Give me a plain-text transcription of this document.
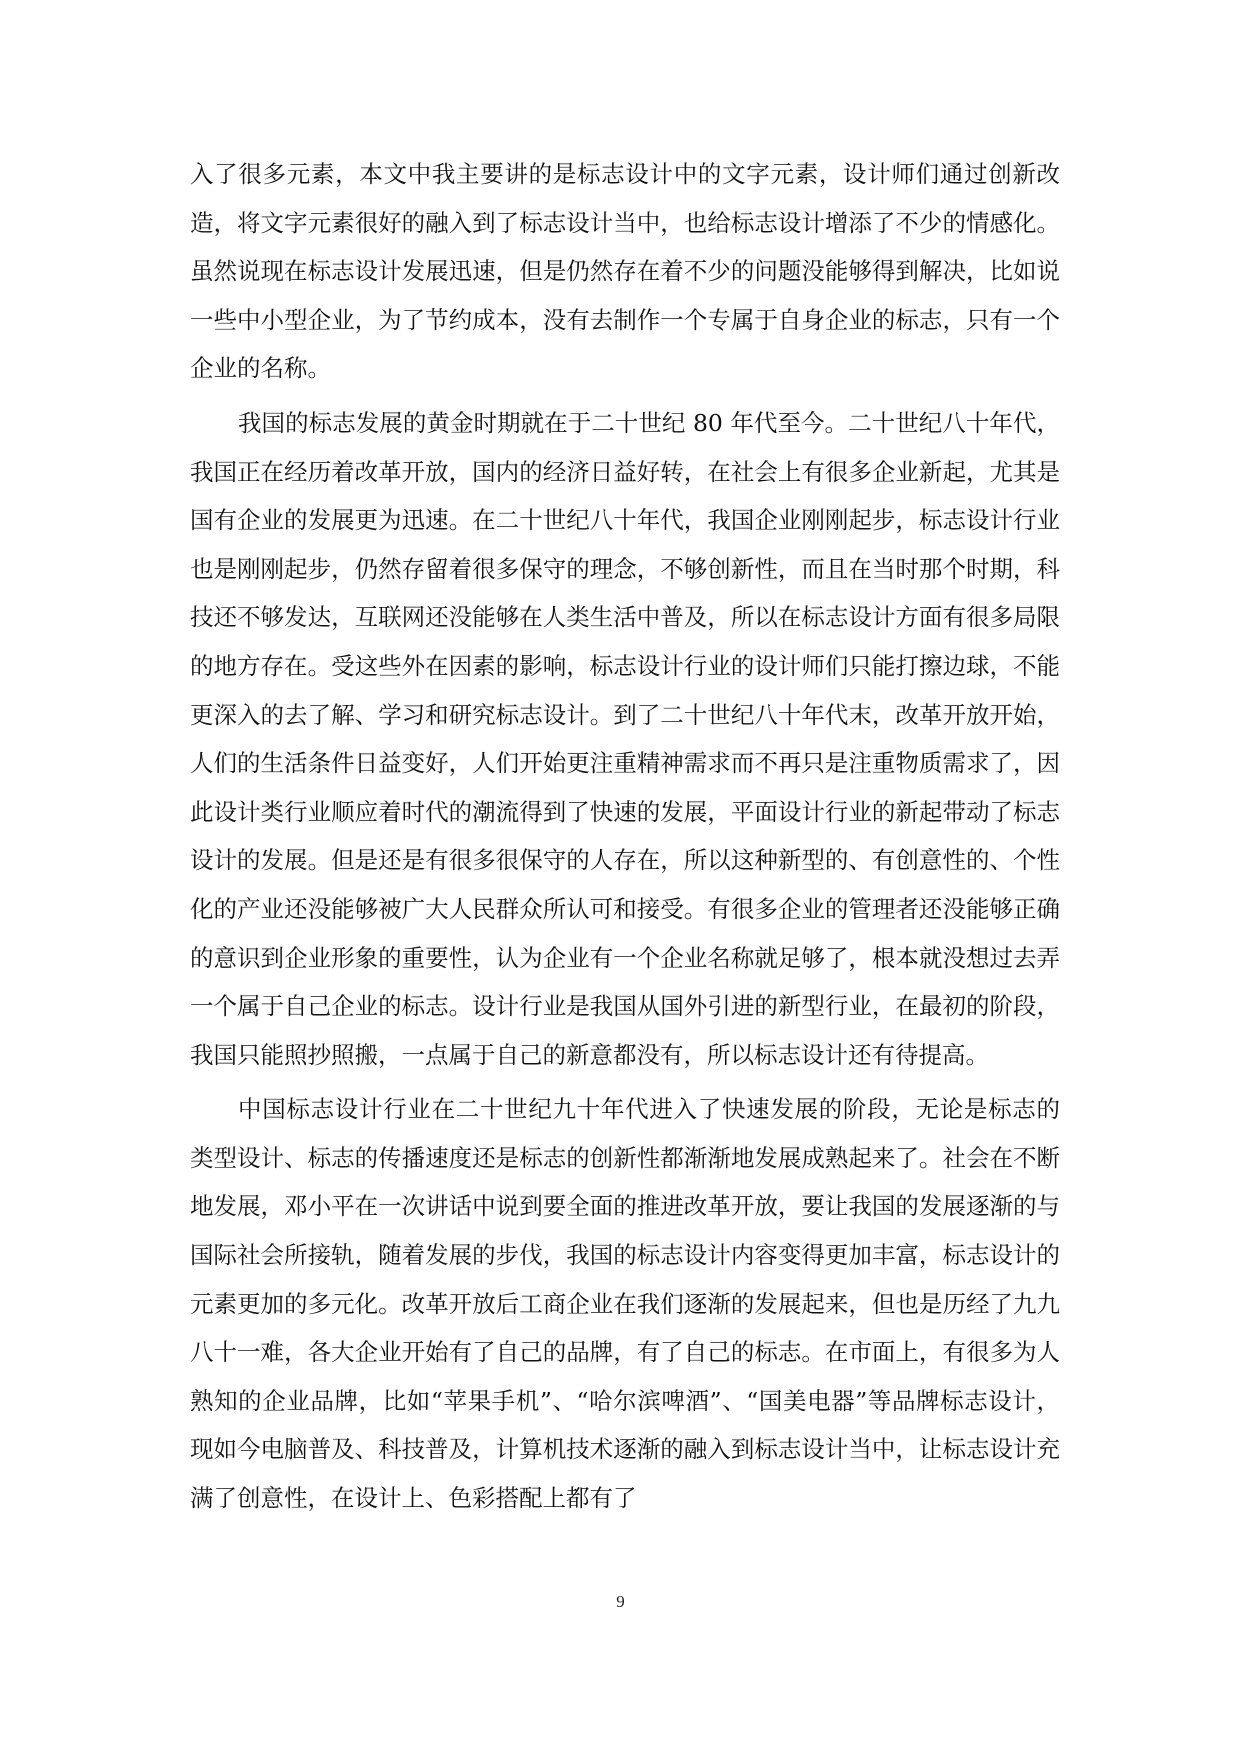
入了很多元素，本文中我主要讲的是标志设计中的文字元素，设计师们通过创新改造，将文字元素很好的融入到了标志设计当中，也给标志设计增添了不少的情感化。虽然说现在标志设计发展迅速，但是仍然存在着不少的问题没能够得到解决，比如说一些中小型企业，为了节约成本，没有去制作一个专属于自身企业的标志，只有一个企业的名称。

我国的标志发展的黄金时期就在于二十世纪 80 年代至今。二十世纪八十年代，我国正在经历着改革开放，国内的经济日益好转，在社会上有很多企业新起，尤其是国有企业的发展更为迅速。在二十世纪八十年代，我国企业刚刚起步，标志设计行业也是刚刚起步，仍然存留着很多保守的理念，不够创新性，而且在当时那个时期，科技还不够发达，互联网还没能够在人类生活中普及，所以在标志设计方面有很多局限的地方存在。受这些外在因素的影响，标志设计行业的设计师们只能打擦边球，不能更深入的去了解、学习和研究标志设计。到了二十世纪八十年代末，改革开放开始，人们的生活条件日益变好，人们开始更注重精神需求而不再只是注重物质需求了，因此设计类行业顺应着时代的潮流得到了快速的发展，平面设计行业的新起带动了标志设计的发展。但是还是有很多很保守的人存在，所以这种新型的、有创意性的、个性化的产业还没能够被广大人民群众所认可和接受。有很多企业的管理者还没能够正确的意识到企业形象的重要性，认为企业有一个企业名称就足够了，根本就没想过去弄一个属于自己企业的标志。设计行业是我国从国外引进的新型行业，在最初的阶段，我国只能照抄照搬，一点属于自己的新意都没有，所以标志设计还有待提高。

中国标志设计行业在二十世纪九十年代进入了快速发展的阶段，无论是标志的类型设计、标志的传播速度还是标志的创新性都渐渐地发展成熟起来了。社会在不断地发展，邓小平在一次讲话中说到要全面的推进改革开放，要让我国的发展逐渐的与国际社会所接轨，随着发展的步伐，我国的标志设计内容变得更加丰富，标志设计的元素更加的多元化。改革开放后工商企业在我们逐渐的发展起来，但也是历经了九九八十一难，各大企业开始有了自己的品牌，有了自己的标志。在市面上，有很多为人熟知的企业品牌，比如“苹果手机”、“哈尔滨啤酒”、“国美电器”等品牌标志设计，现如今电脑普及、科技普及，计算机技术逐渐的融入到标志设计当中，让标志设计充满了创意性，在设计上、色彩搭配上都有了

9
